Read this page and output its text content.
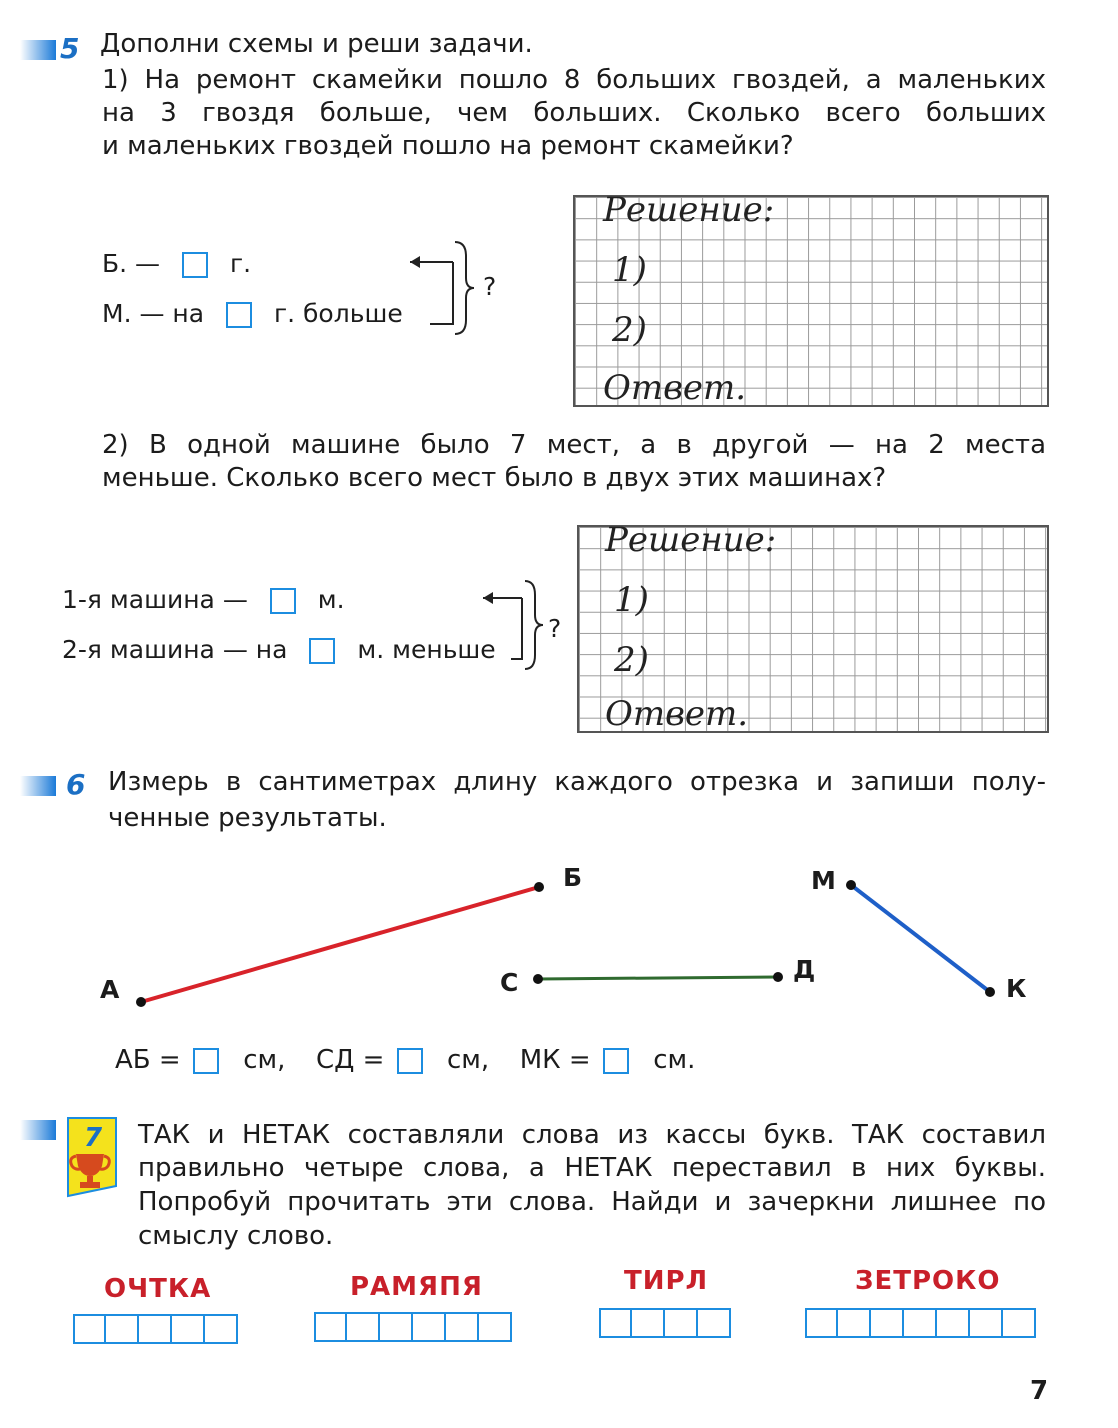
5 Дополни схемы и реши задачи.
1) На ремонт скамейки пошло 8 больших гвоздей, а маленьких
на 3 гвоздя больше, чем больших. Сколько всего больших
и маленьких гвоздей пошло на ремонт скамейки?
Б. —	г.
М. — на	г. больше
?
Решение:
1)
2)
Ответ.
2) В одной машине было 7 мест, а в другой — на 2 места
меньше. Сколько всего мест было в двух этих машинах?
1-я машина —	м.
2-я машина — на	м. меньше
?
Решение:
1)
2)
Ответ.
6 Измерь в сантиметрах длину каждого отрезка и запиши полу-
ченные результаты.
А
Б
С	Д
М
К
АБ = см, СД = см, МК = см.
7 ТАК и НЕТАК составляли слова из кассы букв. ТАК составил
правильно четыре слова, а НЕТАК переставил в них буквы.
Попробуй прочитать эти слова. Найди и зачеркни лишнее по
смыслу слово.
ОЧТКА	РАМЯПЯ	ТИРЛ	ЗЕТРОКО
7
